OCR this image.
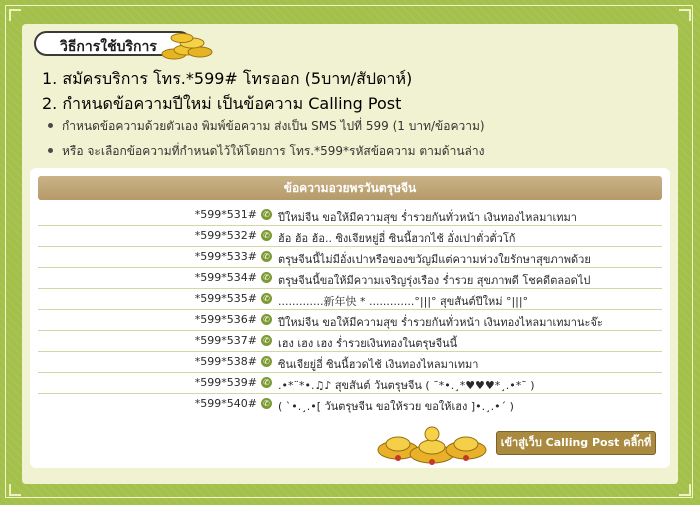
วิธีการใช้บริการ
1. สมัครบริการ โทร.*599# โทรออก (5บาท/สัปดาห์)
2. กำหนดข้อความปีใหม่ เป็นข้อความ Calling Post
กำหนดข้อความด้วยตัวเอง พิมพ์ข้อความ ส่งเป็น SMS ไปที่ 599 (1 บาท/ข้อความ)
หรือ จะเลือกข้อความที่กำหนดไว้ให้โดยการ โทร.*599*รหัสข้อความ ตามด้านล่าง
ข้อความอวยพรวันตรุษจีน
*599*531# ✆ ปีใหม่จีน ขอให้มีความสุข ร่ำรวยกันทั่วหน้า เงินทองไหลมาเทมา
*599*532# ✆ ฮ้อ ฮ้อ ฮ้อ.. ซิงเจียหยู่อี่ ซินนี้ฮวกไช้ อั่งเปาตั่วตั่วโก้
*599*533# ✆ ตรุษจีนนี้ไม่มีอั่งเปาหรือของขวัญมีแต่ความห่วงใยรักษาสุขภาพด้วย
*599*534# ✆ ตรุษจีนนี้ขอให้มีความเจริญรุ่งเรือง ร่ำรวย สุขภาพดี โชคดีตลอดไป
*599*535# ✆ .............新年快 * .............°|||° สุขสันต์ปีใหม่ °|||°
*599*536# ✆ ปีใหม่จีน ขอให้มีความสุข ร่ำรวยกันทั่วหน้า เงินทองไหลมาเทมานะจ๊ะ
*599*537# ✆ เฮง เฮง เฮง ร่ำรวยเงินทองในตรุษจีนนี้
*599*538# ✆ ซินเจียยู่อี่ ซินนี้ฮวดไช้ เงินทองไหลมาเทมา
*599*539# ✆ .•*¨*•.♫♪ สุขสันต์ วันตรุษจีน ( ¯*•.¸*♥♥♥*¸.•*¯ )
*599*540# ✆ ( `•.¸.•[ วันตรุษจีน ขอให้รวย ขอให้เฮง ]•.¸.•´ )
เข้าสู่เว็บ Calling Post คลิ๊กที่นี่
